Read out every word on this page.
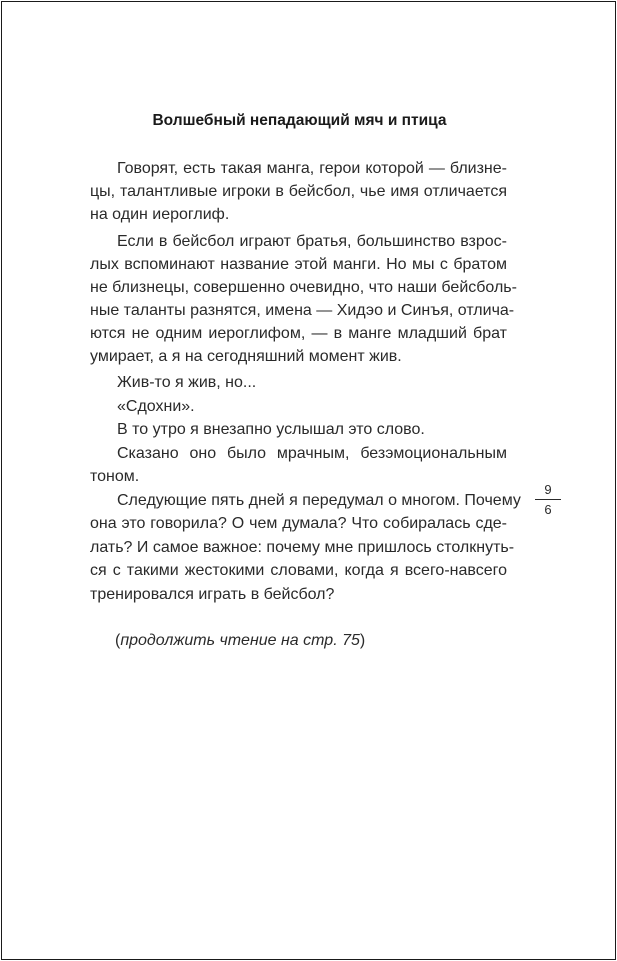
Волшебный непадающий мяч и птица
Говорят, есть такая манга, герои которой — близне-
цы, талантливые игроки в бейсбол, чье имя отличается
на один иероглиф.
Если в бейсбол играют братья, большинство взрос-
лых вспоминают название этой манги. Но мы с братом
не близнецы, совершенно очевидно, что наши бейсболь-
ные таланты разнятся, имена — Хидэо и Синъя, отлича-
ются не одним иероглифом, — в манге младший брат
умирает, а я на сегодняшний момент жив.
Жив-то я жив, но...
«Сдохни».
В то утро я внезапно услышал это слово.
Сказано оно было мрачным, безэмоциональным
тоном.
Следующие пять дней я передумал о многом. Почему
она это говорила? О чем думала? Что собиралась сде-
лать? И самое важное: почему мне пришлось столкнуть-
ся с такими жестокими словами, когда я всего-навсего
тренировался играть в бейсбол?
(продолжить чтение на стр. 75)
9
6
